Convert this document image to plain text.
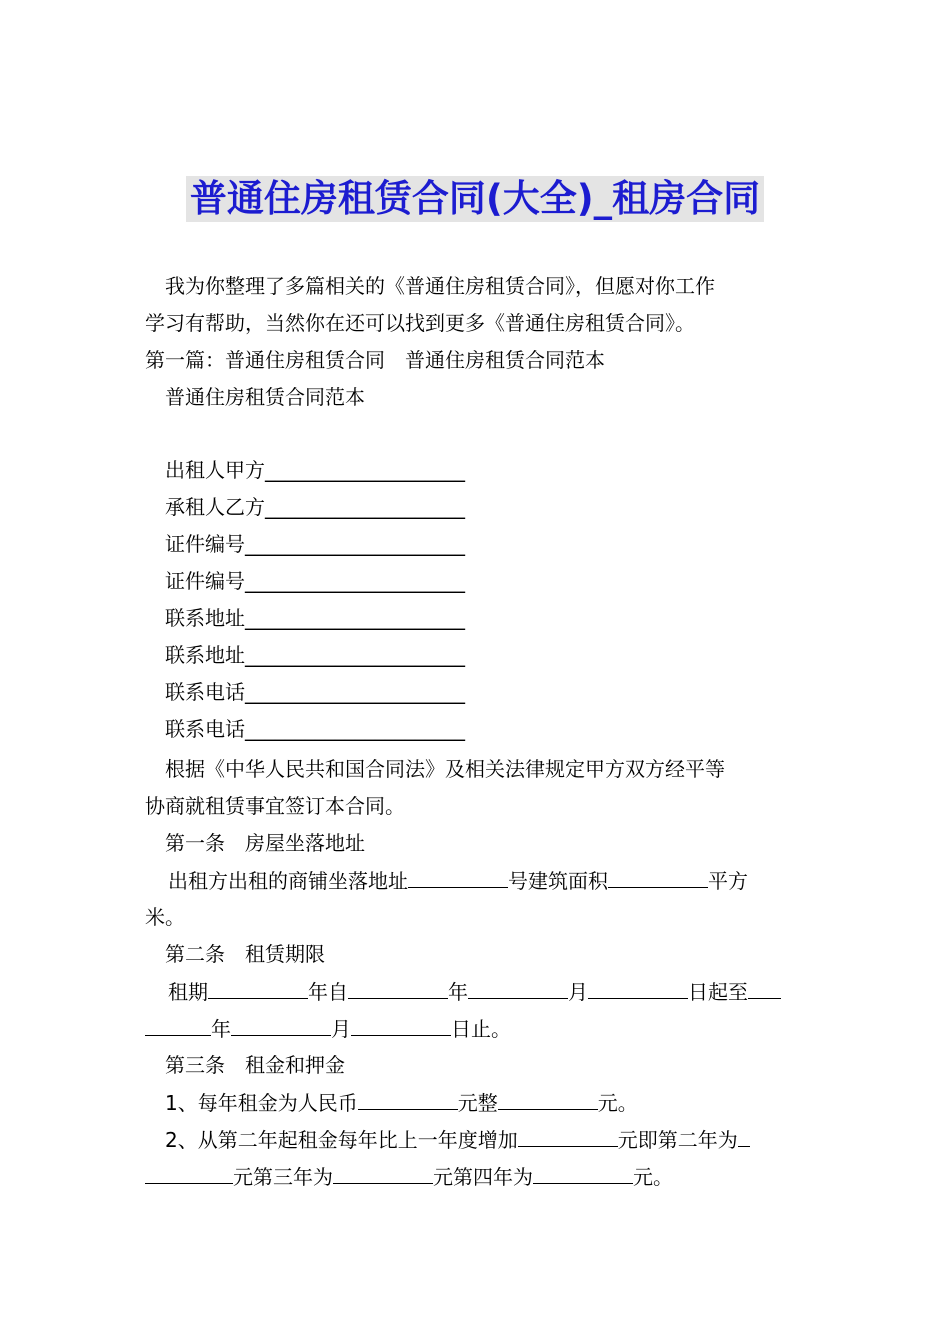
普通住房租赁合同(大全)_租房合同
我为你整理了多篇相关的《普通住房租赁合同》，但愿对你工作
学习有帮助，当然你在还可以找到更多《普通住房租赁合同》。
第一篇：普通住房租赁合同　普通住房租赁合同范本
普通住房租赁合同范本
出租人甲方____________________
承租人乙方____________________
证件编号______________________
证件编号______________________
联系地址______________________
联系地址______________________
联系电话______________________
联系电话______________________
根据《中华人民共和国合同法》及相关法律规定甲方双方经平等
协商就租赁事宜签订本合同。
第一条　房屋坐落地址
出租方出租的商铺坐落地址	号建筑面积	平方
米。
第二条　租赁期限
租期	年自	年	月	日起至
年	月	日止。
第三条　租金和押金
1、每年租金为人民币	元整	元。
2、从第二年起租金每年比上一年度增加	元即第二年为
元第三年为	元第四年为	元。
